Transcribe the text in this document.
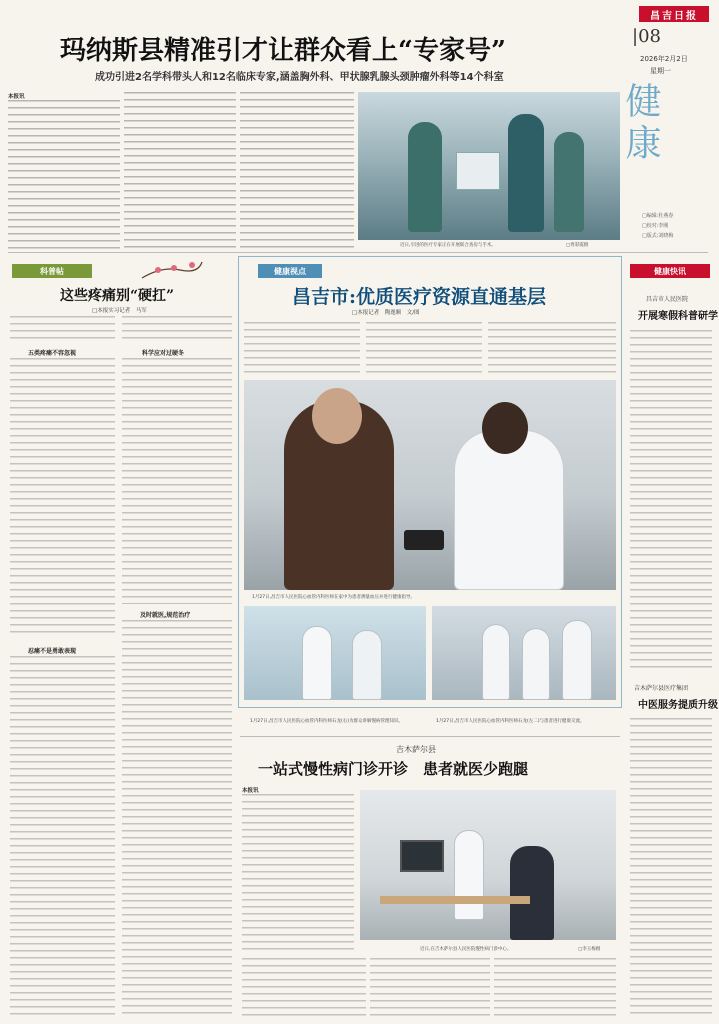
昌吉日报
|08
2026年2月2日
星期一
玛纳斯县精准引才让群众看上“专家号”
成功引进2名学科带头人和12名临床专家,涵盖胸外科、甲状腺乳腺头颈肿瘤外科等14个科室
健康
□编辑:杜燕春
□校对:李刚
□版式:刘晓梅
本报讯
近日,引进的医疗专家正在开展联合查房与手术。	□胥彩霞摄
科普帖
这些疼痛别“硬扛”
□本报实习记者　马军
五类疼痛不容忽视
忍痛不是勇敢表现
科学应对过硬冬
及时就医,规范治疗
健康视点
昌吉市:优质医疗资源直通基层
□本报记者　陶逸顺　文/图
1月27日,昌吉市人民医院心血管内科医师在家中为患者测量血压并进行健康指导。
1月27日,昌吉市人民医院心血管内科医师石龙(右)为群众讲解慢病管理知识。	1月27日,昌吉市人民医院心血管内科医师石龙(左二)与患者进行健康交流。
吉木萨尔县
一站式慢性病门诊开诊　患者就医少跑腿
本报讯
近日,在吉木萨尔县人民医院慢性病门诊中心。	□李玉梅摄
健康快讯
昌吉市人民医院
开展寒假科普研学
吉木萨尔县医疗集团
中医服务提质升级
